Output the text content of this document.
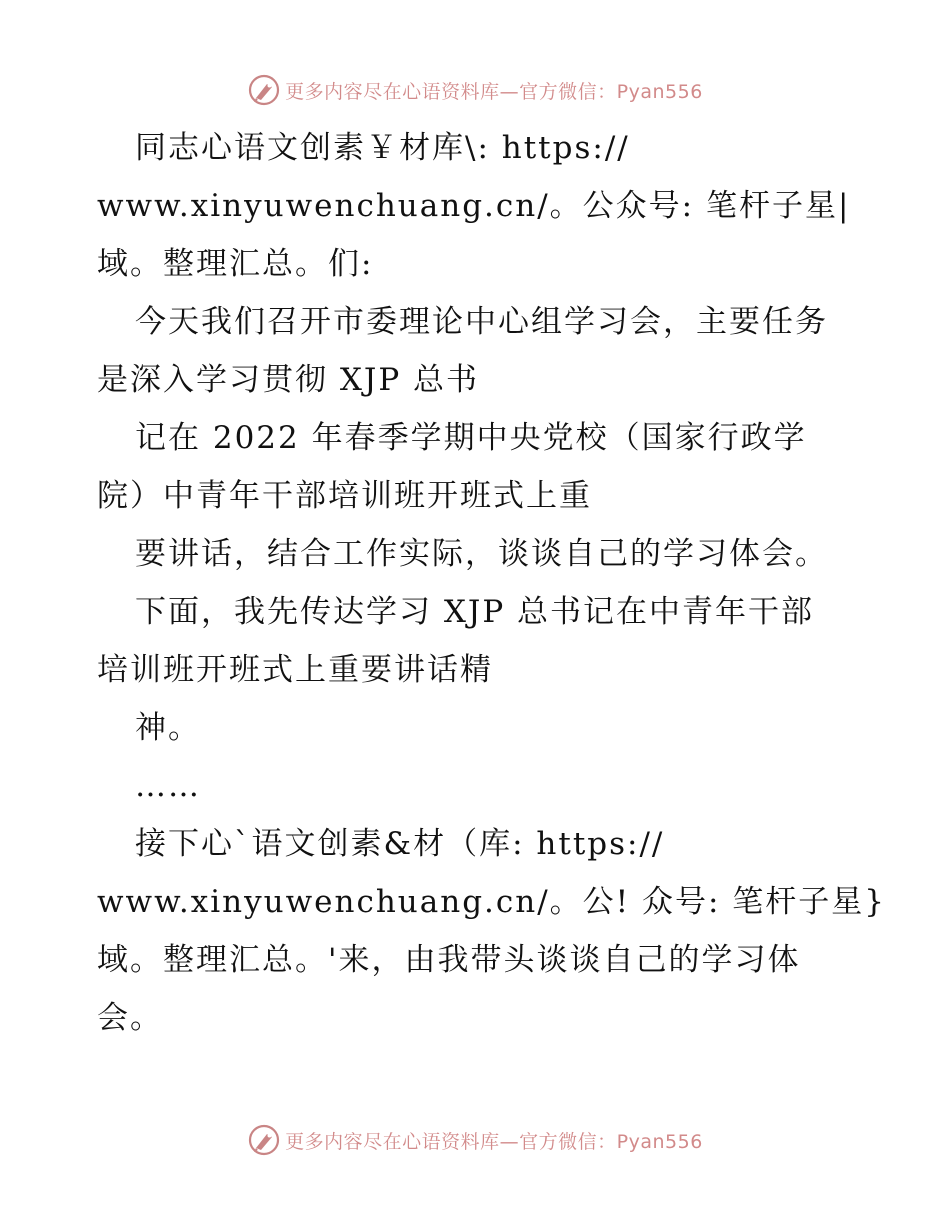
更多内容尽在心语资料库—官方微信：Pyan556
同志心语文创素￥材库\: https://
www.xinyuwenchuang.cn/。公众号: 笔杆子星|
域。整理汇总。们:
今天我们召开市委理论中心组学习会，主要任务
是深入学习贯彻 XJP 总书
记在 2022 年春季学期中央党校（国家行政学
院）中青年干部培训班开班式上重
要讲话，结合工作实际，谈谈自己的学习体会。
下面，我先传达学习 XJP 总书记在中青年干部
培训班开班式上重要讲话精
神。
……
接下心`语文创素&材（库: https://
www.xinyuwenchuang.cn/。公! 众号: 笔杆子星}
域。整理汇总。'来，由我带头谈谈自己的学习体
会。
更多内容尽在心语资料库—官方微信：Pyan556
